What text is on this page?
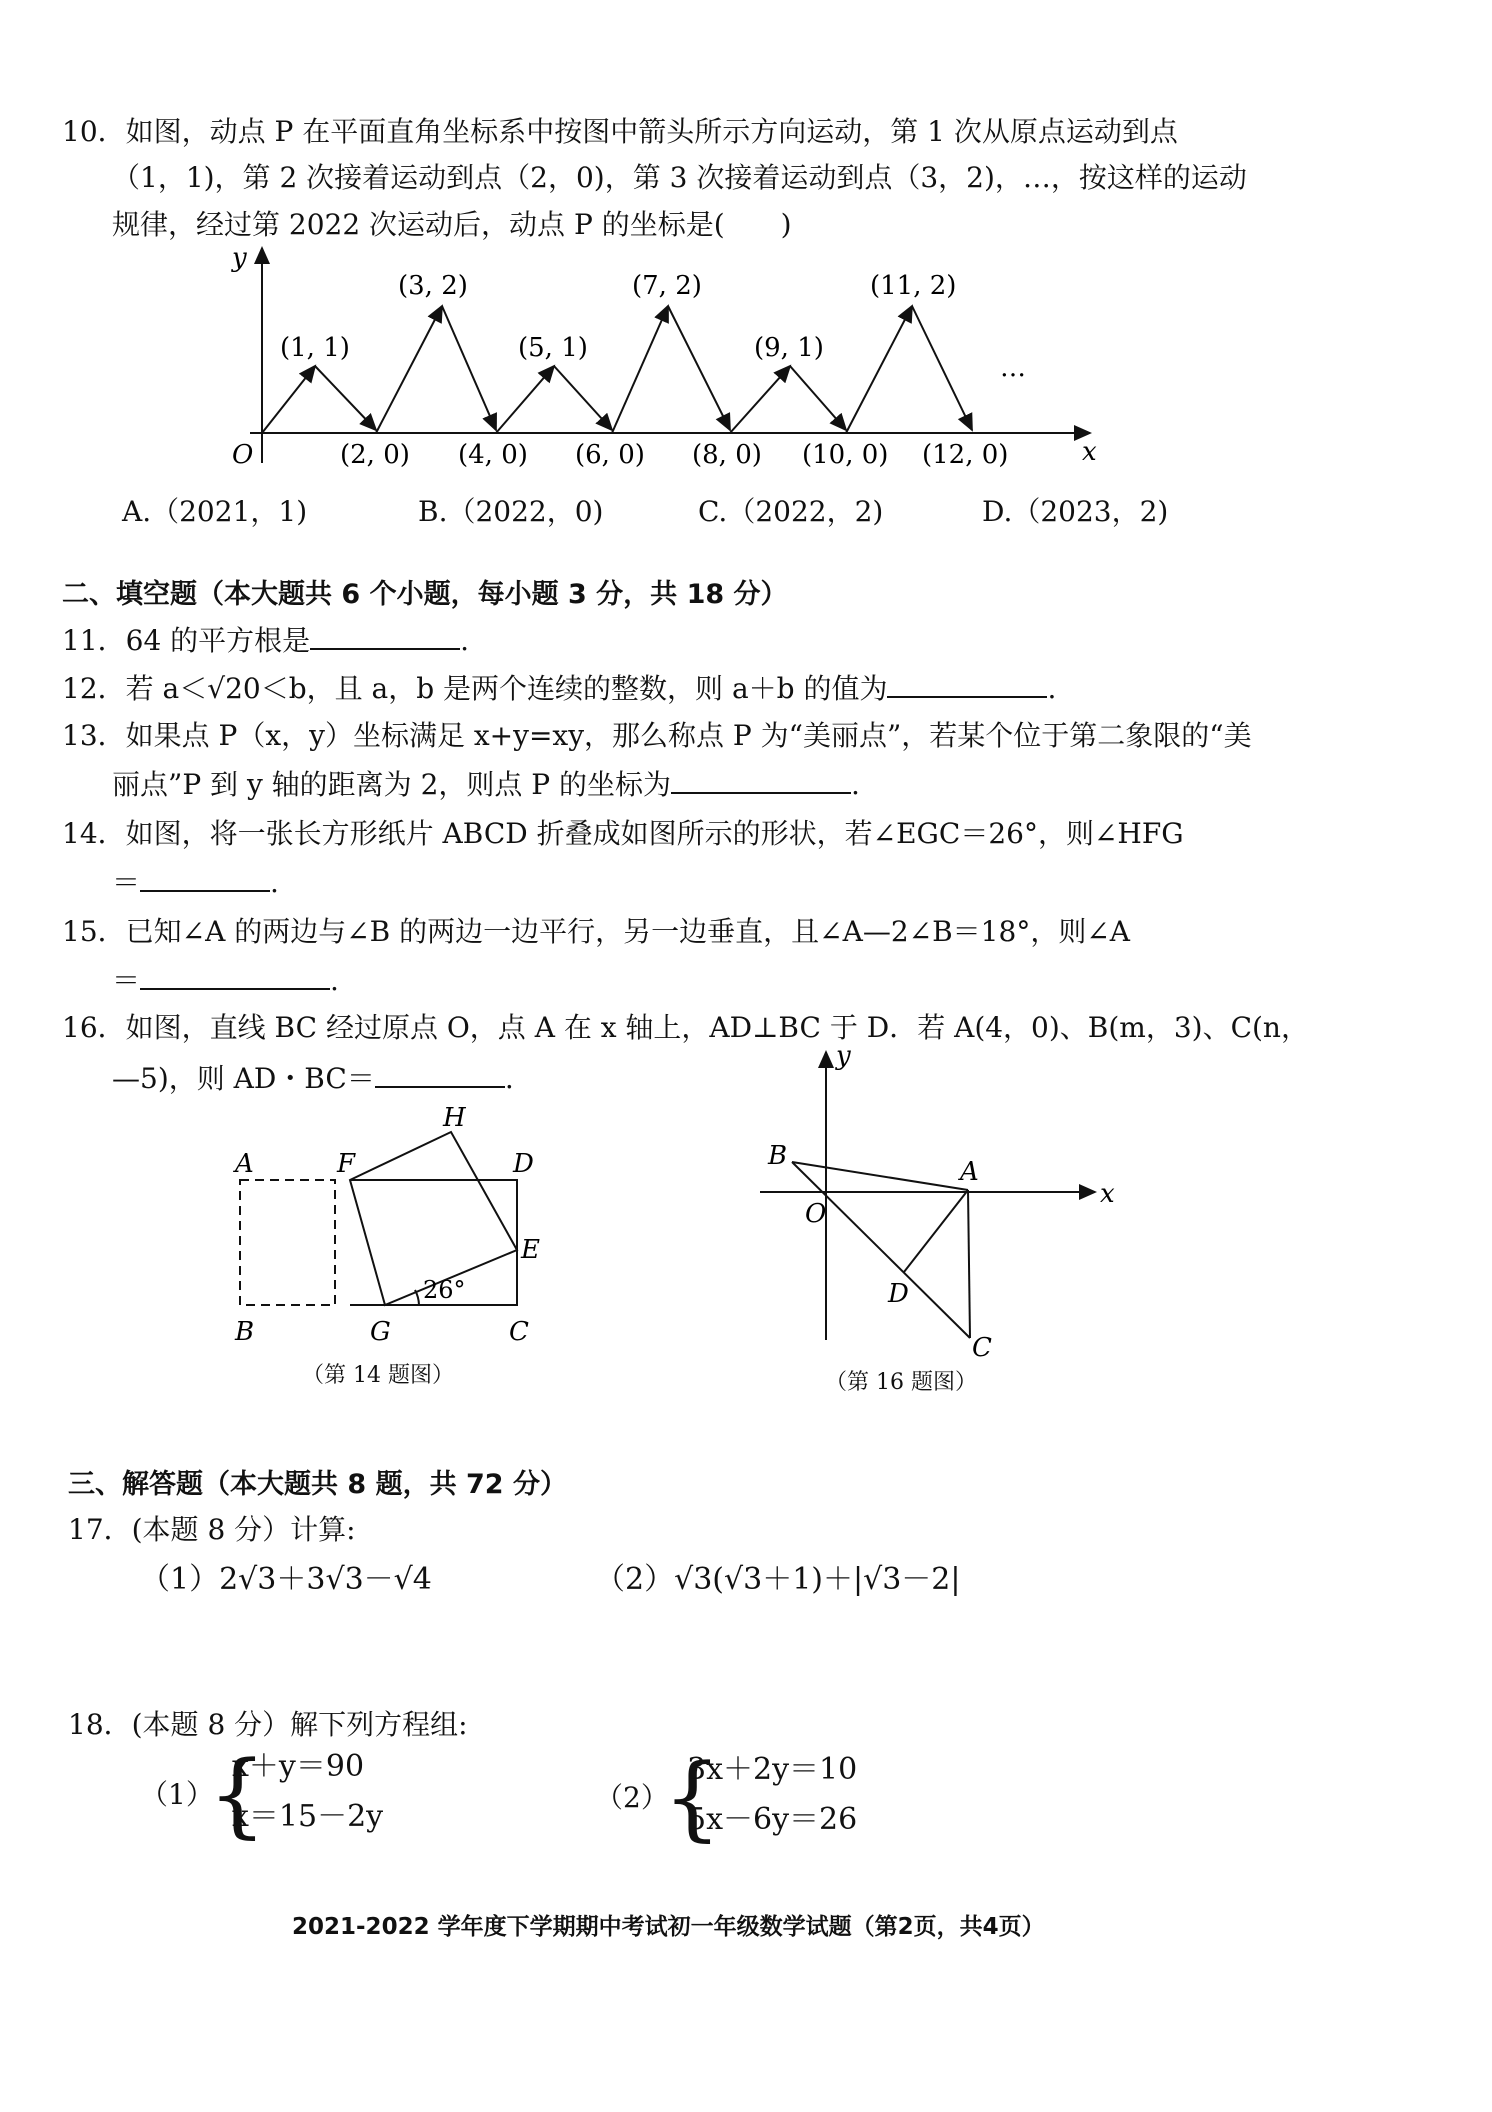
10．如图，动点 P 在平面直角坐标系中按图中箭头所示方向运动，第 1 次从原点运动到点
（1，1)，第 2 次接着运动到点（2，0)，第 3 次接着运动到点（3，2)，…，按这样的运动
规律，经过第 2022 次运动后，动点 P 的坐标是(　　)
y
x
O
(1, 1)
(3, 2)
(5, 1)
(7, 2)
(9, 1)
(11, 2)
…
(2, 0) (4, 0) (6, 0) (8, 0) (10, 0) (12, 0)
A.（2021，1)	B.（2022，0)	C.（2022，2)	D.（2023，2)
二、填空题（本大题共 6 个小题，每小题 3 分，共 18 分）
11．64 的平方根是	.
12．若 a＜√20＜b，且 a，b 是两个连续的整数，则 a＋b 的值为	.
13．如果点 P（x，y）坐标满足 x+y=xy，那么称点 P 为“美丽点”，若某个位于第二象限的“美
丽点”P 到 y 轴的距离为 2，则点 P 的坐标为	.
14．如图，将一张长方形纸片 ABCD 折叠成如图所示的形状，若∠EGC＝26°，则∠HFG
＝	.
15．已知∠A 的两边与∠B 的两边一边平行，另一边垂直，且∠A—2∠B＝18°，则∠A
＝	.
16．如图，直线 BC 经过原点 O，点 A 在 x 轴上，AD⊥BC 于 D．若 A(4，0)、B(m，3)、C(n，
—5)，则 AD・BC＝	.
H
A	F	D
E
26°
B	G	C
（第 14 题图）
y
x
B
A
O
D
C
（第 16 题图）
三、解答题（本大题共 8 题，共 72 分）
17．(本题 8 分）计算:
（1）2√3＋3√3－√4	（2）√3(√3＋1)＋|√3－2|
18．(本题 8 分）解下列方程组:
（1）
{
x＋y＝90
x＝15－2y
（2）
{
3x＋2y＝10
5x－6y＝26
2021-2022 学年度下学期期中考试初一年级数学试题（第2页，共4页）
